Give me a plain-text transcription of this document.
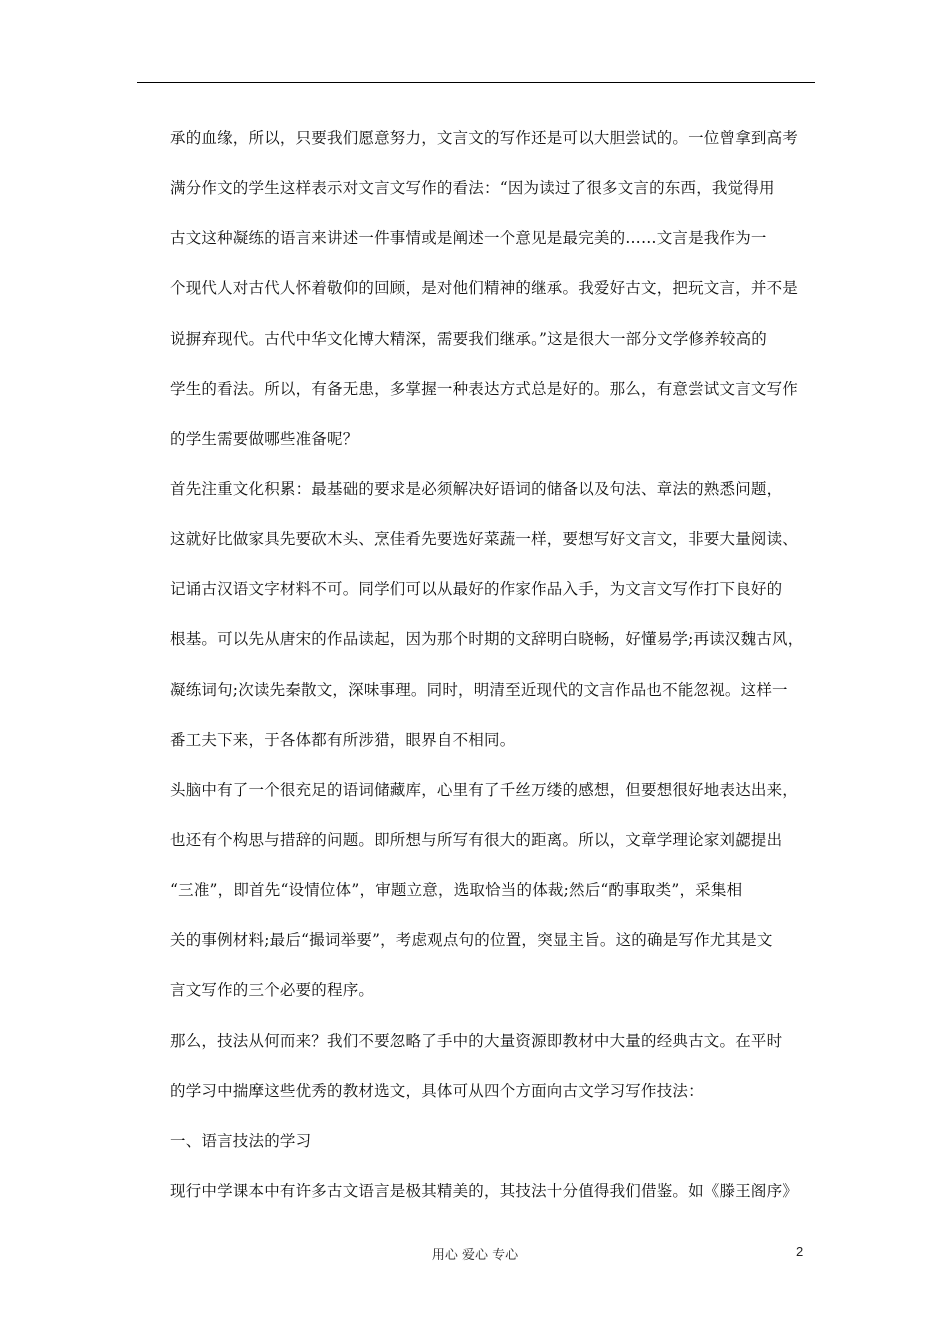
承的血缘，所以，只要我们愿意努力，文言文的写作还是可以大胆尝试的。一位曾拿到高考
满分作文的学生这样表示对文言文写作的看法：“因为读过了很多文言的东西，我觉得用
古文这种凝练的语言来讲述一件事情或是阐述一个意见是最完美的……文言是我作为一
个现代人对古代人怀着敬仰的回顾，是对他们精神的继承。我爱好古文，把玩文言，并不是
说摒弃现代。古代中华文化博大精深，需要我们继承。”这是很大一部分文学修养较高的
学生的看法。所以，有备无患，多掌握一种表达方式总是好的。那么，有意尝试文言文写作
的学生需要做哪些准备呢？
首先注重文化积累：最基础的要求是必须解决好语词的储备以及句法、章法的熟悉问题，
这就好比做家具先要砍木头、烹佳肴先要选好菜蔬一样，要想写好文言文，非要大量阅读、
记诵古汉语文字材料不可。同学们可以从最好的作家作品入手，为文言文写作打下良好的
根基。可以先从唐宋的作品读起，因为那个时期的文辞明白晓畅，好懂易学;再读汉魏古风，
凝练词句;次读先秦散文，深味事理。同时，明清至近现代的文言作品也不能忽视。这样一
番工夫下来，于各体都有所涉猎，眼界自不相同。
头脑中有了一个很充足的语词储藏库，心里有了千丝万缕的感想，但要想很好地表达出来，
也还有个构思与措辞的问题。即所想与所写有很大的距离。所以，文章学理论家刘勰提出
“三准”，即首先“设情位体”，审题立意，选取恰当的体裁;然后“酌事取类”，采集相
关的事例材料;最后“撮词举要”，考虑观点句的位置，突显主旨。这的确是写作尤其是文
言文写作的三个必要的程序。
那么，技法从何而来？我们不要忽略了手中的大量资源即教材中大量的经典古文。在平时
的学习中揣摩这些优秀的教材选文，具体可从四个方面向古文学习写作技法：
一、语言技法的学习
现行中学课本中有许多古文语言是极其精美的，其技法十分值得我们借鉴。如《滕王阁序》
用心 爱心 专心	2
